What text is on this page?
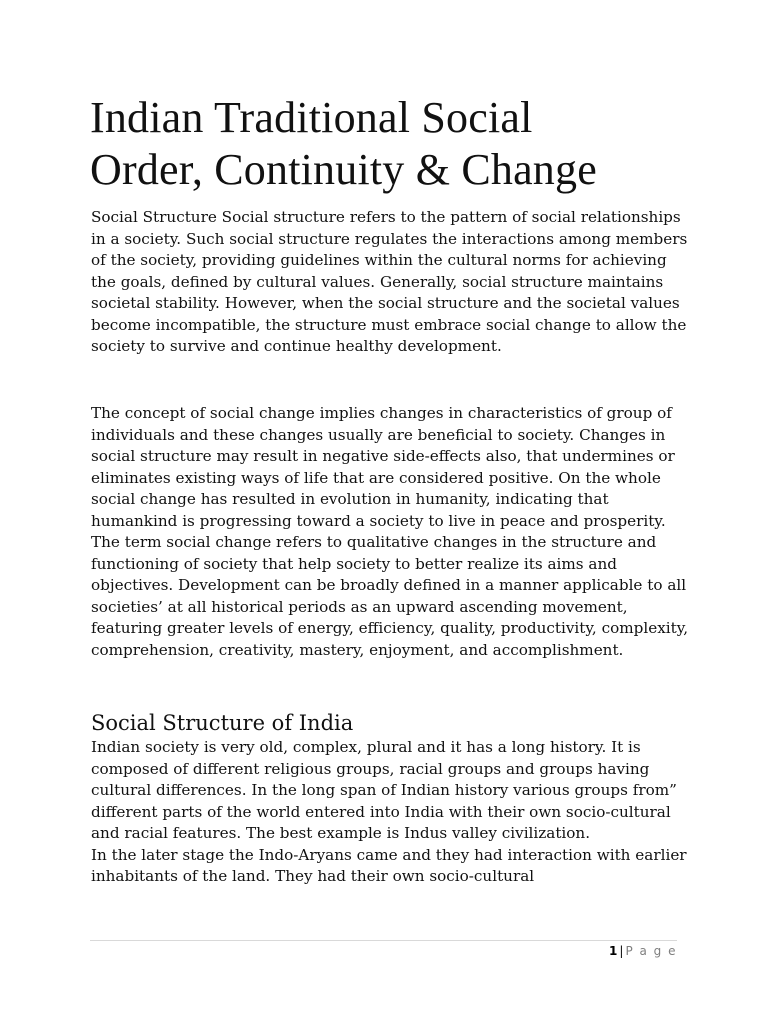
Indian Traditional Social
Order, Continuity & Change

Social Structure Social structure refers to the pattern of social relationships in a society. Such social structure regulates the interactions among members of the society, providing guidelines within the cultural norms for achieving the goals, defined by cultural values. Generally, social structure maintains societal stability. However, when the social structure and the societal values become incompatible, the structure must embrace social change to allow the society to survive and continue healthy development.

The concept of social change implies changes in characteristics of group of individuals and these changes usually are beneficial to society. Changes in social structure may result in negative side-effects also, that undermines or eliminates existing ways of life that are considered positive. On the whole social change has resulted in evolution in humanity, indicating that humankind is progressing toward a society to live in peace and prosperity. The term social change refers to qualitative changes in the structure and functioning of society that help society to better realize its aims and objectives. Development can be broadly defined in a manner applicable to all societies’ at all historical periods as an upward ascending movement, featuring greater levels of energy, efficiency, quality, productivity, complexity, comprehension, creativity, mastery, enjoyment, and accomplishment.

Social Structure of India
Indian society is very old, complex, plural and it has a long history. It is composed of different religious groups, racial groups and groups having cultural differences. In the long span of Indian history various groups from” different parts of the world entered into India with their own socio-cultural and racial features. The best example is Indus valley civilization.
In the later stage the Indo-Aryans came and they had interaction with earlier inhabitants of the land. They had their own socio-cultural
1 | P a g e
